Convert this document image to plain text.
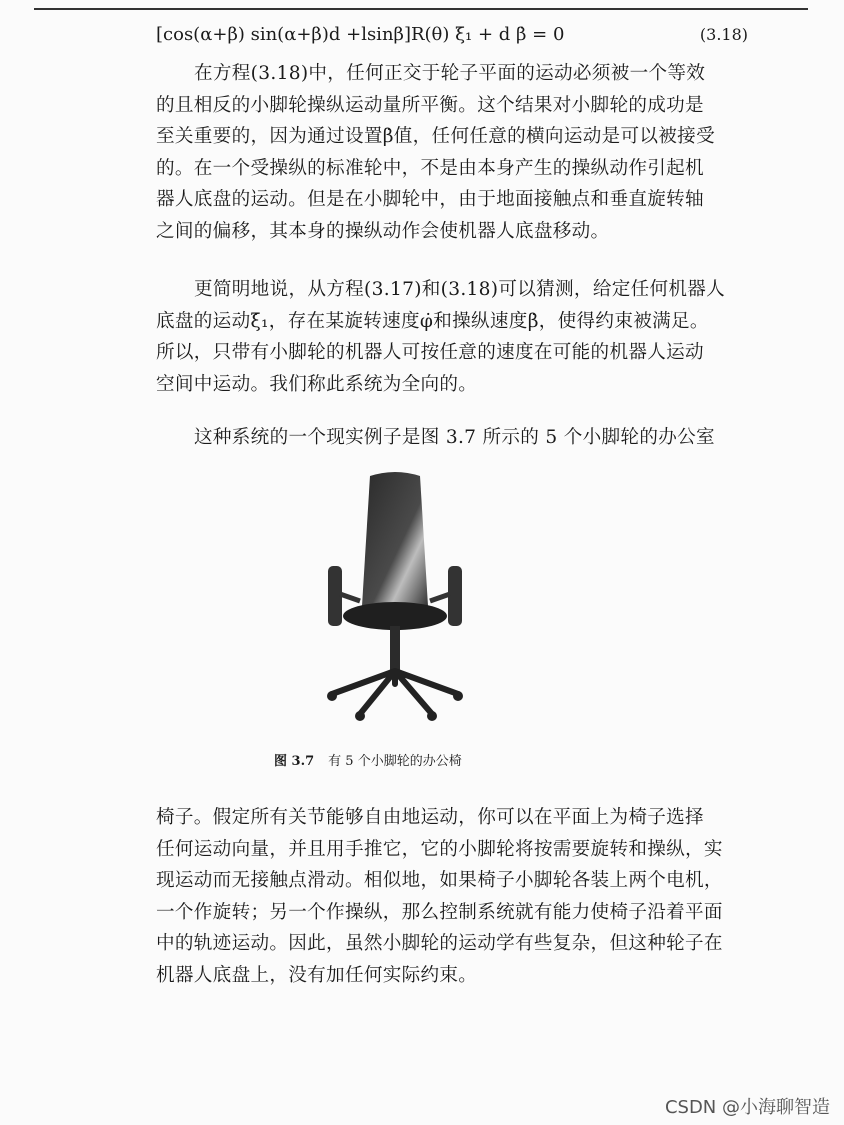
[cos(α+β) sin(α+β)d +lsinβ]R(θ) ξ̇₁ + d β̇ = 0	(3.18)
在方程(3.18)中，任何正交于轮子平面的运动必须被一个等效
的且相反的小脚轮操纵运动量所平衡。这个结果对小脚轮的成功是
至关重要的，因为通过设置β̇值，任何任意的横向运动是可以被接受
的。在一个受操纵的标准轮中，不是由本身产生的操纵动作引起机
器人底盘的运动。但是在小脚轮中，由于地面接触点和垂直旋转轴
之间的偏移，其本身的操纵动作会使机器人底盘移动。
更简明地说，从方程(3.17)和(3.18)可以猜测，给定任何机器人
底盘的运动ξ̇₁，存在某旋转速度φ̇和操纵速度β̇，使得约束被满足。
所以，只带有小脚轮的机器人可按任意的速度在可能的机器人运动
空间中运动。我们称此系统为全向的。
这种系统的一个现实例子是图 3.7 所示的 5 个小脚轮的办公室
图 3.7 有 5 个小脚轮的办公椅
椅子。假定所有关节能够自由地运动，你可以在平面上为椅子选择
任何运动向量，并且用手推它，它的小脚轮将按需要旋转和操纵，实
现运动而无接触点滑动。相似地，如果椅子小脚轮各装上两个电机，
一个作旋转；另一个作操纵，那么控制系统就有能力使椅子沿着平面
中的轨迹运动。因此，虽然小脚轮的运动学有些复杂，但这种轮子在
机器人底盘上，没有加任何实际约束。
CSDN @小海聊智造
